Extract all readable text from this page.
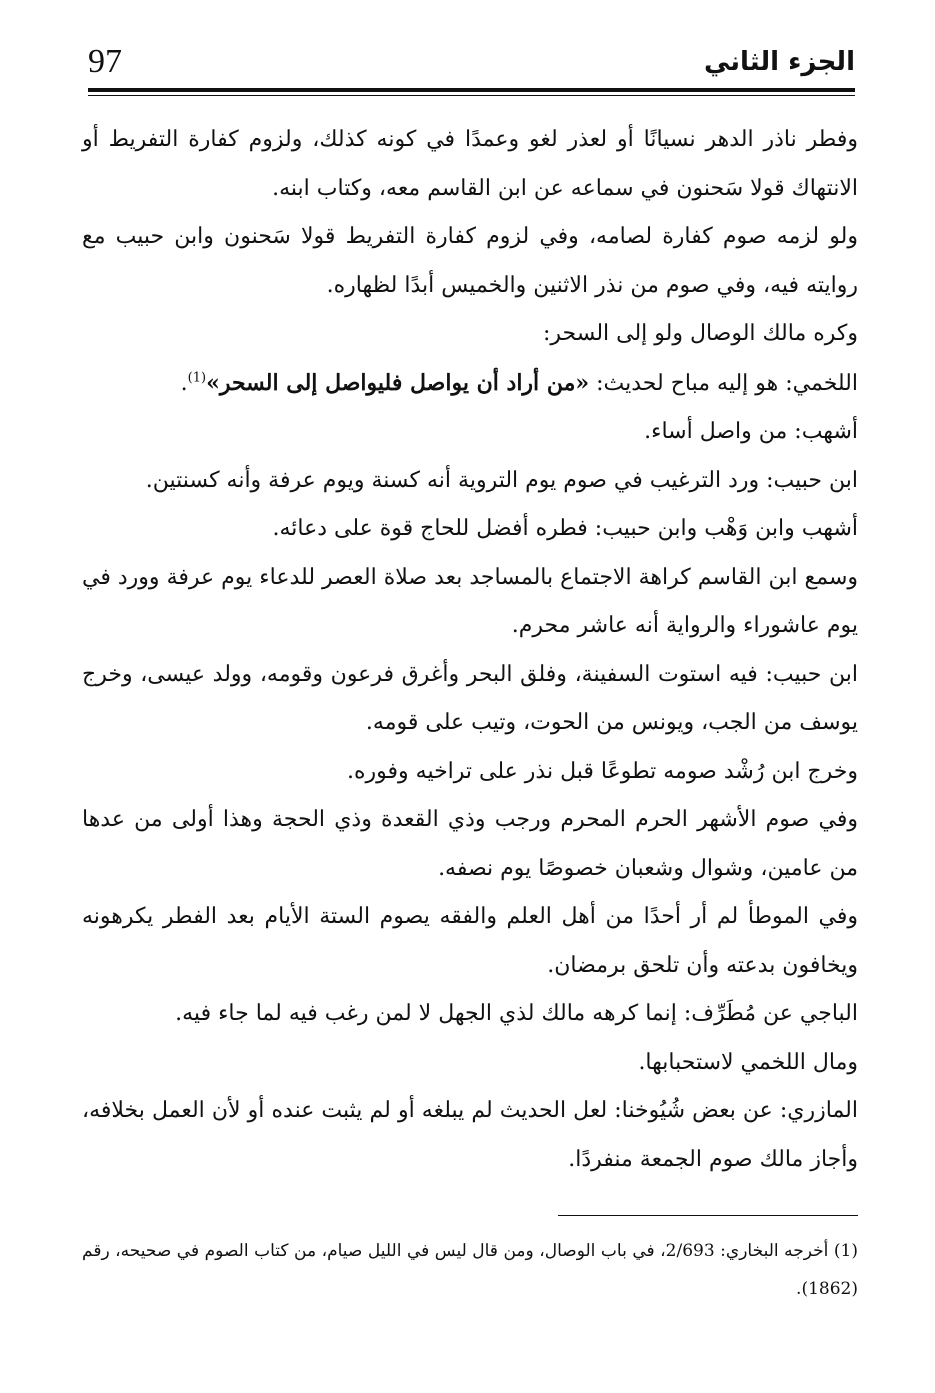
97	الجزء الثاني

وفطر ناذر الدهر نسيانًا أو لعذر لغو وعمدًا في كونه كذلك، ولزوم كفارة التفريط أو الانتهاك قولا سَحنون في سماعه عن ابن القاسم معه، وكتاب ابنه.

ولو لزمه صوم كفارة لصامه، وفي لزوم كفارة التفريط قولا سَحنون وابن حبيب مع روايته فيه، وفي صوم من نذر الاثنين والخميس أبدًا لظهاره.

وكره مالك الوصال ولو إلى السحر:

اللخمي: هو إليه مباح لحديث: «من أراد أن يواصل فليواصل إلى السحر»$^{(1)}$.

أشهب: من واصل أساء.

ابن حبيب: ورد الترغيب في صوم يوم التروية أنه كسنة ويوم عرفة وأنه كسنتين.

أشهب وابن وَهْب وابن حبيب: فطره أفضل للحاج قوة على دعائه.

وسمع ابن القاسم كراهة الاجتماع بالمساجد بعد صلاة العصر للدعاء يوم عرفة وورد في يوم عاشوراء والرواية أنه عاشر محرم.

ابن حبيب: فيه استوت السفينة، وفلق البحر وأغرق فرعون وقومه، وولد عيسى، وخرج يوسف من الجب، ويونس من الحوت، وتيب على قومه.

وخرج ابن رُشْد صومه تطوعًا قبل نذر على تراخيه وفوره.

وفي صوم الأشهر الحرم المحرم ورجب وذي القعدة وذي الحجة وهذا أولى من عدها من عامين، وشوال وشعبان خصوصًا يوم نصفه.

وفي الموطأ لم أر أحدًا من أهل العلم والفقه يصوم الستة الأيام بعد الفطر يكرهونه ويخافون بدعته وأن تلحق برمضان.

الباجي عن مُطَرِّف: إنما كرهه مالك لذي الجهل لا لمن رغب فيه لما جاء فيه.

ومال اللخمي لاستحبابها.

المازري: عن بعض شُيُوخنا: لعل الحديث لم يبلغه أو لم يثبت عنده أو لأن العمل بخلافه، وأجاز مالك صوم الجمعة منفردًا.

(1) أخرجه البخاري: 2/693، في باب الوصال، ومن قال ليس في الليل صيام، من كتاب الصوم في صحيحه، رقم (1862).
